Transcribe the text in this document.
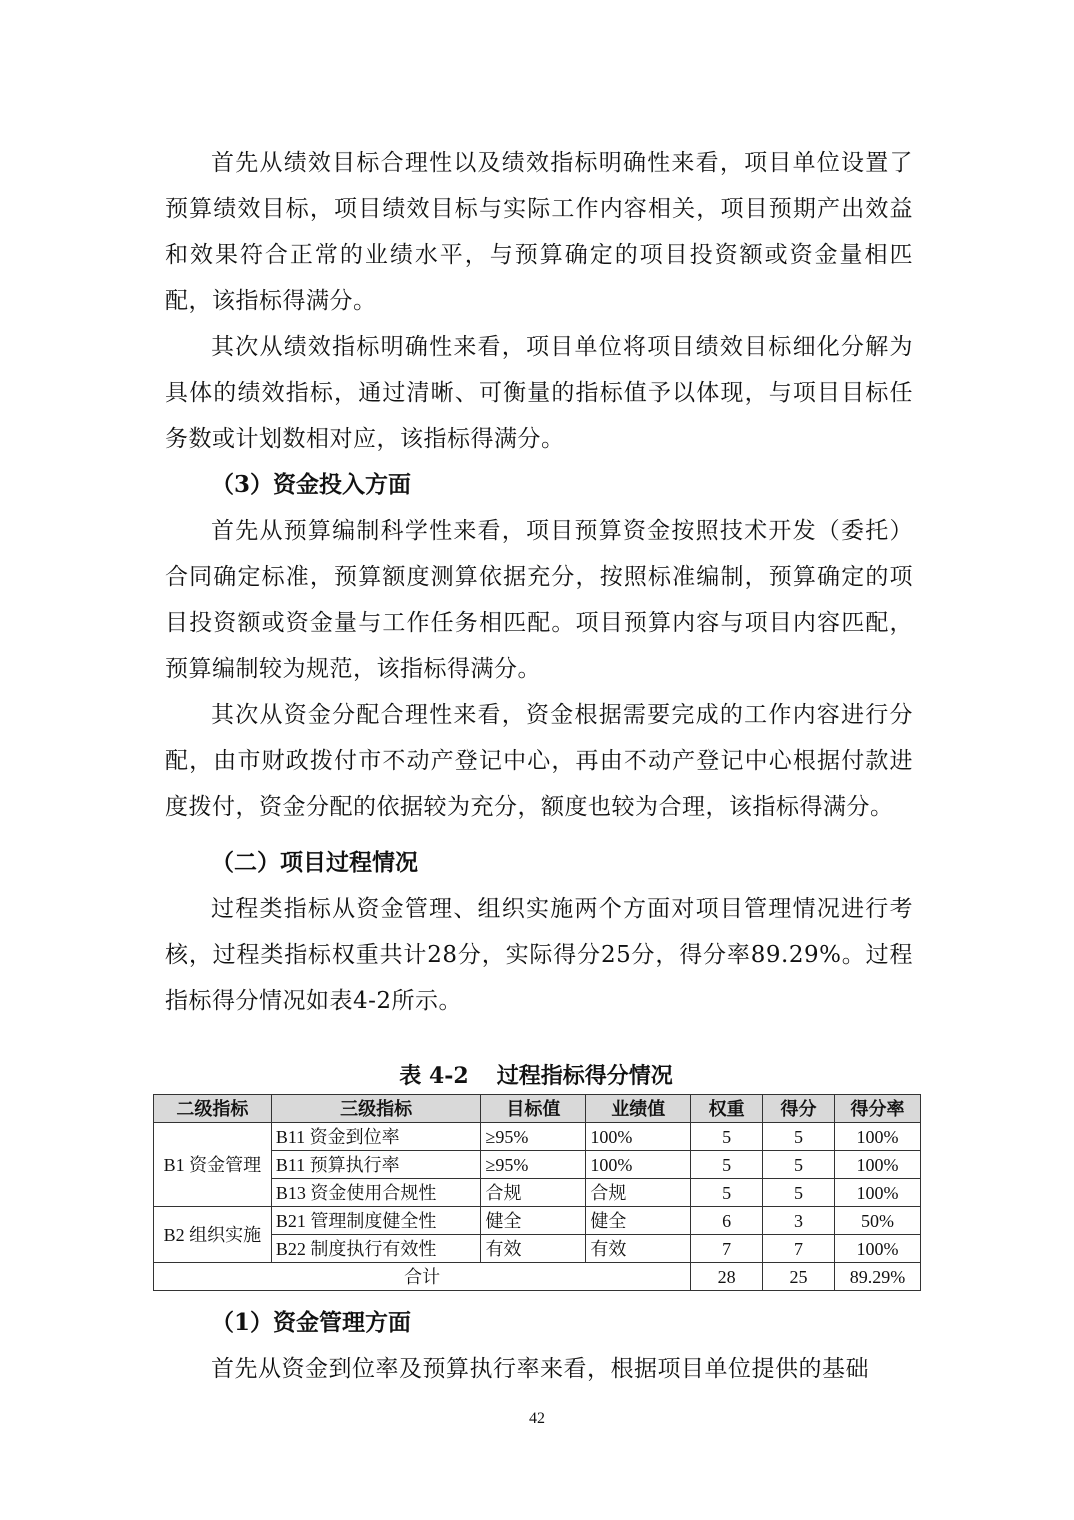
首先从绩效目标合理性以及绩效指标明确性来看，项目单位设置了预算绩效目标，项目绩效目标与实际工作内容相关，项目预期产出效益和效果符合正常的业绩水平，与预算确定的项目投资额或资金量相匹配，该指标得满分。

其次从绩效指标明确性来看，项目单位将项目绩效目标细化分解为具体的绩效指标，通过清晰、可衡量的指标值予以体现，与项目目标任务数或计划数相对应，该指标得满分。

（3）资金投入方面

首先从预算编制科学性来看，项目预算资金按照技术开发（委托）合同确定标准，预算额度测算依据充分，按照标准编制，预算确定的项目投资额或资金量与工作任务相匹配。项目预算内容与项目内容匹配，预算编制较为规范，该指标得满分。

其次从资金分配合理性来看，资金根据需要完成的工作内容进行分配，由市财政拨付市不动产登记中心，再由不动产登记中心根据付款进度拨付，资金分配的依据较为充分，额度也较为合理，该指标得满分。

（二）项目过程情况

过程类指标从资金管理、组织实施两个方面对项目管理情况进行考核，过程类指标权重共计28分，实际得分25分，得分率89.29%。过程指标得分情况如表4-2所示。

表 4-2 过程指标得分情况
二级指标	三级指标	目标值	业绩值	权重	得分	得分率
B1 资金管理	B11 资金到位率	≥95%	100%	5	5	100%
	B11 预算执行率	≥95%	100%	5	5	100%
	B13 资金使用合规性	合规	合规	5	5	100%
B2 组织实施	B21 管理制度健全性	健全	健全	6	3	50%
	B22 制度执行有效性	有效	有效	7	7	100%
合计				28	25	89.29%

（1）资金管理方面

首先从资金到位率及预算执行率来看，根据项目单位提供的基础

42
